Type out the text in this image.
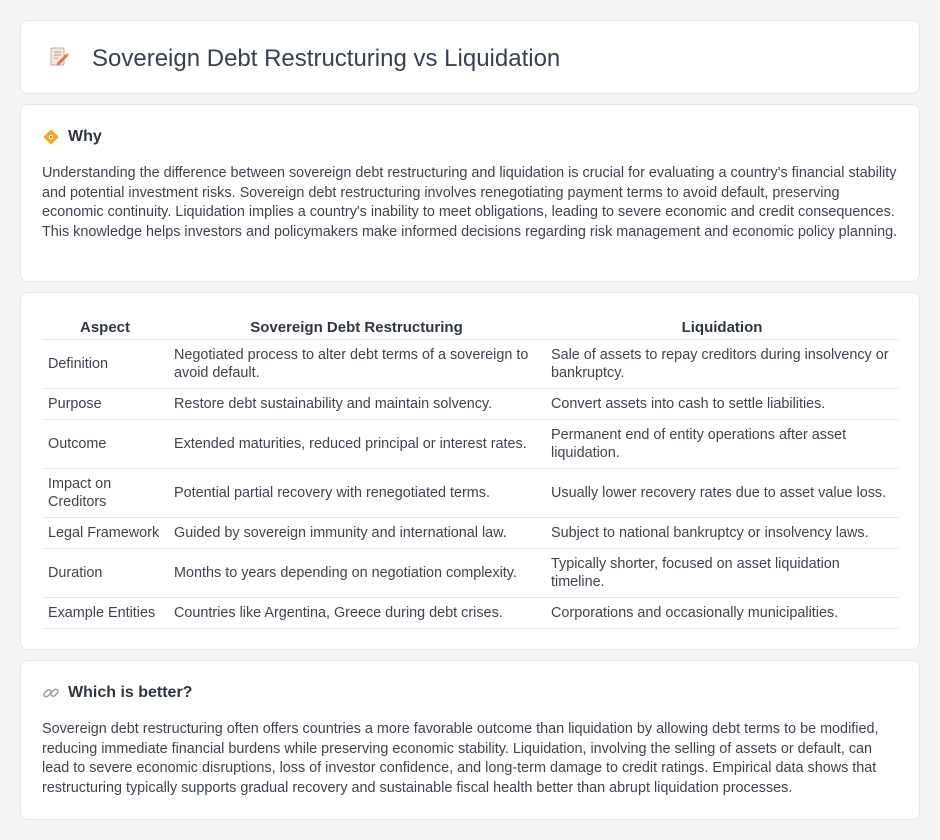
Sovereign Debt Restructuring vs Liquidation
Why

Understanding the difference between sovereign debt restructuring and liquidation is crucial for evaluating a country's financial stability and potential investment risks. Sovereign debt restructuring involves renegotiating payment terms to avoid default, preserving economic continuity. Liquidation implies a country's inability to meet obligations, leading to severe economic and credit consequences. This knowledge helps investors and policymakers make informed decisions regarding risk management and economic policy planning.

Aspect	Sovereign Debt Restructuring	Liquidation
Definition	Negotiated process to alter debt terms of a sovereign to avoid default.	Sale of assets to repay creditors during insolvency or bankruptcy.
Purpose	Restore debt sustainability and maintain solvency.	Convert assets into cash to settle liabilities.
Outcome	Extended maturities, reduced principal or interest rates.	Permanent end of entity operations after asset liquidation.
Impact on Creditors	Potential partial recovery with renegotiated terms.	Usually lower recovery rates due to asset value loss.
Legal Framework	Guided by sovereign immunity and international law.	Subject to national bankruptcy or insolvency laws.
Duration	Months to years depending on negotiation complexity.	Typically shorter, focused on asset liquidation timeline.
Example Entities	Countries like Argentina, Greece during debt crises.	Corporations and occasionally municipalities.
Which is better?

Sovereign debt restructuring often offers countries a more favorable outcome than liquidation by allowing debt terms to be modified, reducing immediate financial burdens while preserving economic stability. Liquidation, involving the selling of assets or default, can lead to severe economic disruptions, loss of investor confidence, and long-term damage to credit ratings. Empirical data shows that restructuring typically supports gradual recovery and sustainable fiscal health better than abrupt liquidation processes.
